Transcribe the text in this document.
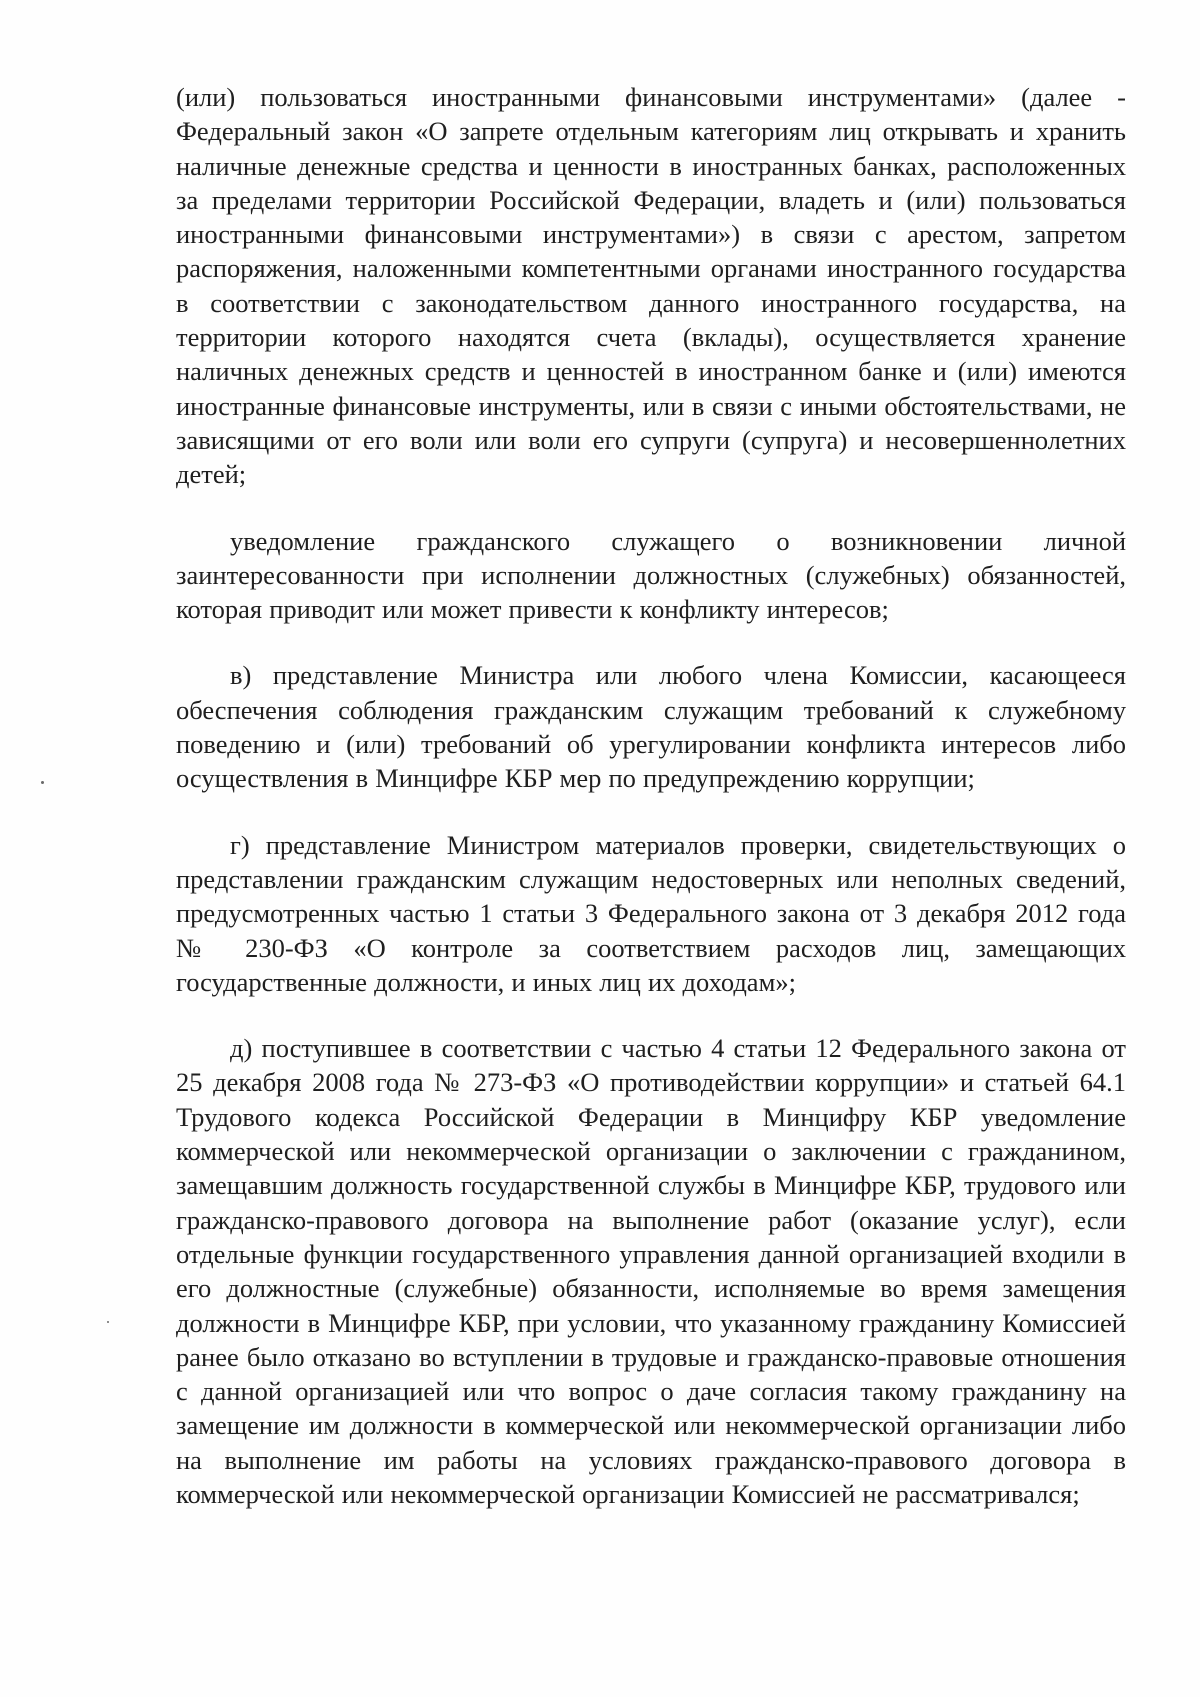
(или) пользоваться иностранными финансовыми инструментами» (далее - Федеральный закон «О запрете отдельным категориям лиц открывать и хранить наличные денежные средства и ценности в иностранных банках, расположенных за пределами территории Российской Федерации, владеть и (или) пользоваться иностранными финансовыми инструментами») в связи с арестом, запретом распоряжения, наложенными компетентными органами иностранного государства в соответствии с законодательством данного иностранного государства, на территории которого находятся счета (вклады), осуществляется хранение наличных денежных средств и ценностей в иностранном банке и (или) имеются иностранные финансовые инструменты, или в связи с иными обстоятельствами, не зависящими от его воли или воли его супруги (супруга) и несовершеннолетних детей;

уведомление гражданского служащего о возникновении личной заинтересованности при исполнении должностных (служебных) обязанностей, которая приводит или может привести к конфликту интересов;

в) представление Министра или любого члена Комиссии, касающееся обеспечения соблюдения гражданским служащим требований к служебному поведению и (или) требований об урегулировании конфликта интересов либо осуществления в Минцифре КБР мер по предупреждению коррупции;

г) представление Министром материалов проверки, свидетельствующих о представлении гражданским служащим недостоверных или неполных сведений, предусмотренных частью 1 статьи 3 Федерального закона от 3 декабря 2012 года № 230-ФЗ «О контроле за соответствием расходов лиц, замещающих государственные должности, и иных лиц их доходам»;

д) поступившее в соответствии с частью 4 статьи 12 Федерального закона от 25 декабря 2008 года № 273-ФЗ «О противодействии коррупции» и статьей 64.1 Трудового кодекса Российской Федерации в Минцифру КБР уведомление коммерческой или некоммерческой организации о заключении с гражданином, замещавшим должность государственной службы в Минцифре КБР, трудового или гражданско-правового договора на выполнение работ (оказание услуг), если отдельные функции государственного управления данной организацией входили в его должностные (служебные) обязанности, исполняемые во время замещения должности в Минцифре КБР, при условии, что указанному гражданину Комиссией ранее было отказано во вступлении в трудовые и гражданско-правовые отношения с данной организацией или что вопрос о даче согласия такому гражданину на замещение им должности в коммерческой или некоммерческой организации либо на выполнение им работы на условиях гражданско-правового договора в коммерческой или некоммерческой организации Комиссией не рассматривался;
